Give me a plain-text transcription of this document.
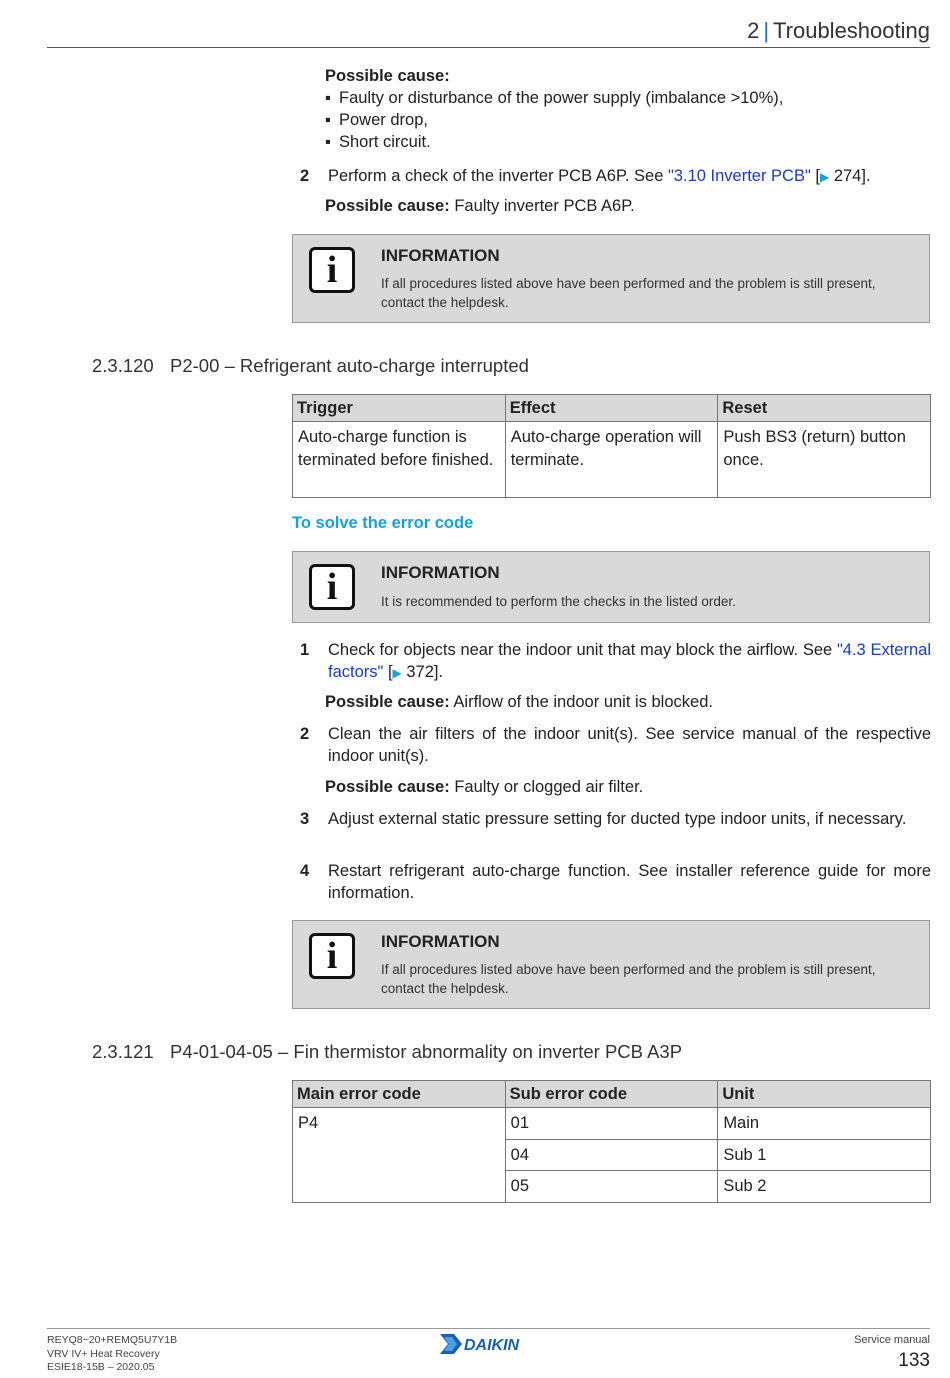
2 | Troubleshooting
Possible cause:
▪ Faulty or disturbance of the power supply (imbalance >10%),
▪ Power drop,
▪ Short circuit.
2	Perform a check of the inverter PCB A6P. See "3.10 Inverter PCB" [▶ 274].
Possible cause: Faulty inverter PCB A6P.
i	INFORMATION
If all procedures listed above have been performed and the problem is still present, contact the helpdesk.
2.3.120 P2-00 – Refrigerant auto-charge interrupted
Trigger	Effect	Reset
Auto-charge function is terminated before finished.	Auto-charge operation will terminate.	Push BS3 (return) button once.
To solve the error code
i	INFORMATION
It is recommended to perform the checks in the listed order.
1	Check for objects near the indoor unit that may block the airflow. See "4.3 External factors" [▶ 372].
Possible cause: Airflow of the indoor unit is blocked.
2	Clean the air filters of the indoor unit(s). See service manual of the respective indoor unit(s).
Possible cause: Faulty or clogged air filter.
3	Adjust external static pressure setting for ducted type indoor units, if necessary.
4	Restart refrigerant auto-charge function. See installer reference guide for more information.
i	INFORMATION
If all procedures listed above have been performed and the problem is still present, contact the helpdesk.
2.3.121 P4-01-04-05 – Fin thermistor abnormality on inverter PCB A3P
Main error code	Sub error code	Unit
P4	01	Main
	04	Sub 1
	05	Sub 2
REYQ8~20+REMQ5U7Y1B
VRV IV+ Heat Recovery
ESIE18-15B – 2020.05
DAIKIN	Service manual
133
